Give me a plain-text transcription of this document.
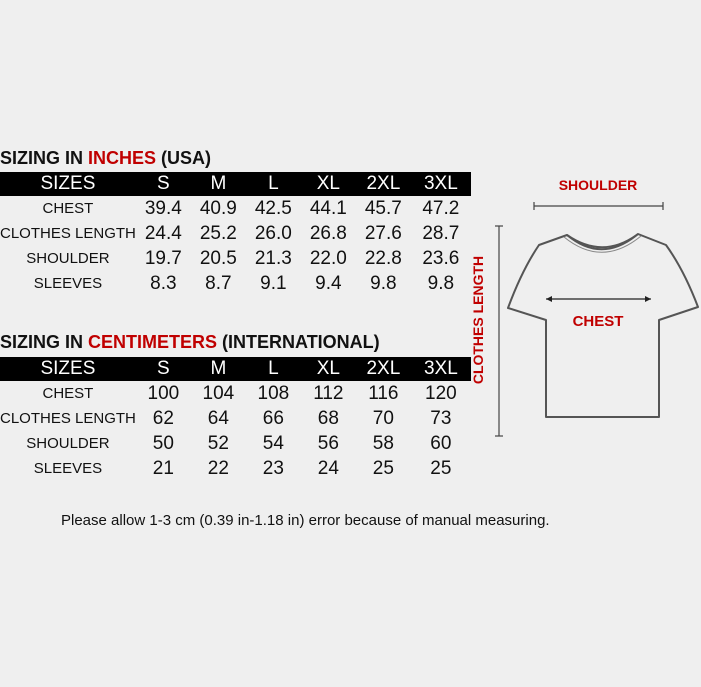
SIZING IN INCHES (USA)
SIZES	S	M	L	XL	2XL	3XL
CHEST	39.4	40.9	42.5	44.1	45.7	47.2
CLOTHES LENGTH	24.4	25.2	26.0	26.8	27.6	28.7
SHOULDER	19.7	20.5	21.3	22.0	22.8	23.6
SLEEVES	8.3	8.7	9.1	9.4	9.8	9.8
SIZING IN CENTIMETERS (INTERNATIONAL)
SIZES	S	M	L	XL	2XL	3XL
CHEST	100	104	108	112	116	120
CLOTHES LENGTH	62	64	66	68	70	73
SHOULDER	50	52	54	56	58	60
SLEEVES	21	22	23	24	25	25
SHOULDER
CLOTHES LENGTH	CHEST
Please allow 1-3 cm (0.39 in-1.18 in) error because of manual measuring.
